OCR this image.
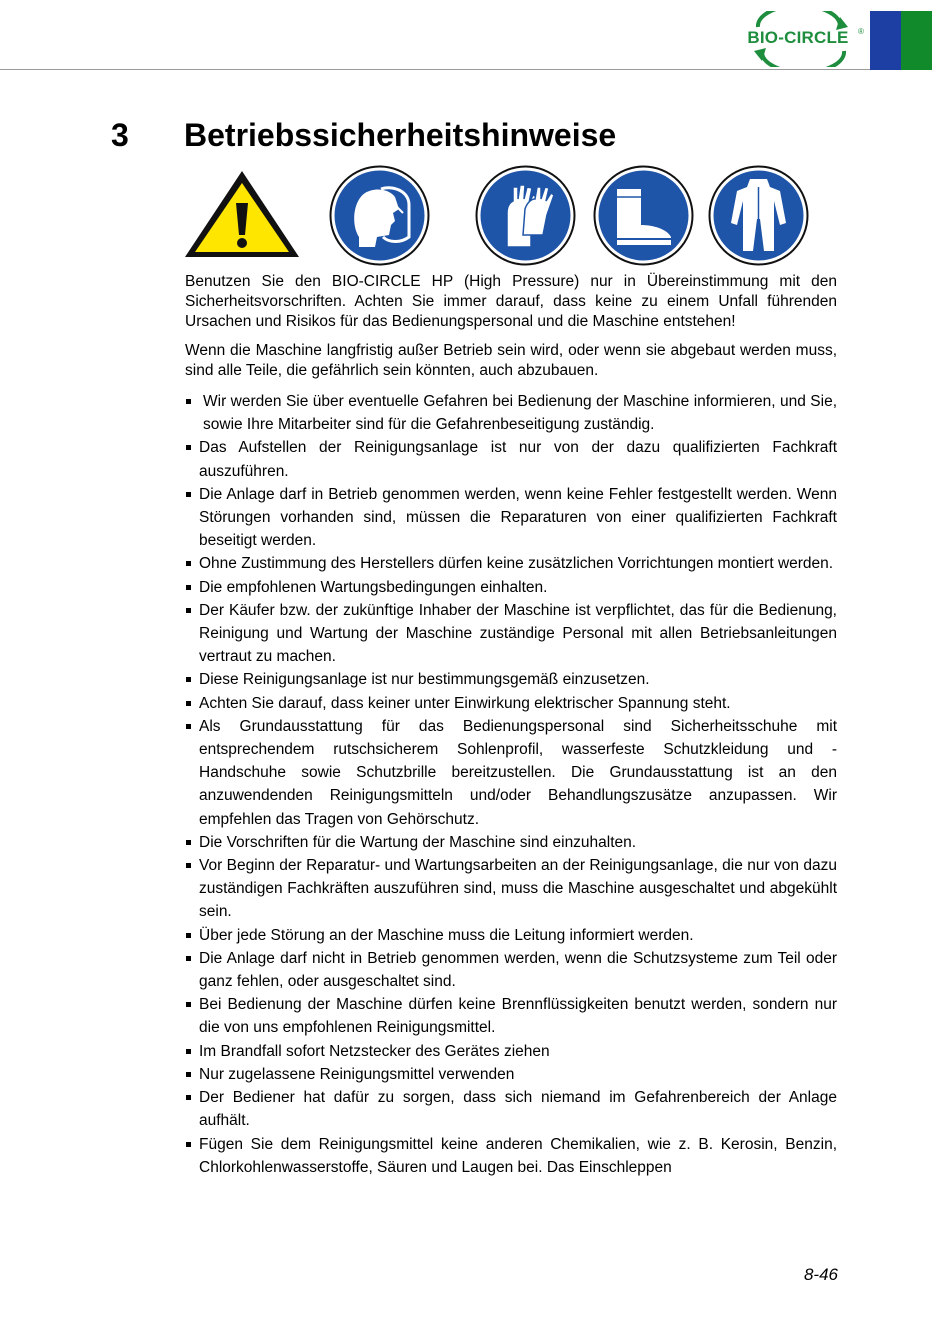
BIO-CIRCLE	®
3 Betriebssicherheitshinweise

Benutzen Sie den BIO-CIRCLE HP (High Pressure) nur in Übereinstimmung mit den Sicherheitsvorschriften. Achten Sie immer darauf, dass keine zu einem Unfall führenden Ursachen und Risikos für das Bedienungspersonal und die Maschine entstehen!

Wenn die Maschine langfristig außer Betrieb sein wird, oder wenn sie abgebaut werden muss, sind alle Teile, die gefährlich sein könnten, auch abzubauen.

Wir werden Sie über eventuelle Gefahren bei Bedienung der Maschine informieren, und Sie, sowie Ihre Mitarbeiter sind für die Gefahrenbeseitigung zuständig.
Das Aufstellen der Reinigungsanlage ist nur von der dazu qualifizierten Fachkraft auszuführen.
Die Anlage darf in Betrieb genommen werden, wenn keine Fehler festgestellt werden. Wenn Störungen vorhanden sind, müssen die Reparaturen von einer qualifizierten Fachkraft beseitigt werden.
Ohne Zustimmung des Herstellers dürfen keine zusätzlichen Vorrichtungen montiert werden.
Die empfohlenen Wartungsbedingungen einhalten.
Der Käufer bzw. der zukünftige Inhaber der Maschine ist verpflichtet, das für die Bedienung, Reinigung und Wartung der Maschine zuständige Personal mit allen Betriebsanleitungen vertraut zu machen.
Diese Reinigungsanlage ist nur bestimmungsgemäß einzusetzen.
Achten Sie darauf, dass keiner unter Einwirkung elektrischer Spannung steht.
Als Grundausstattung für das Bedienungspersonal sind Sicherheitsschuhe mit entsprechendem rutschsicherem Sohlenprofil, wasserfeste Schutzkleidung und -Handschuhe sowie Schutzbrille bereitzustellen. Die Grundausstattung ist an den anzuwendenden Reinigungsmitteln und/oder Behandlungszusätze anzupassen. Wir empfehlen das Tragen von Gehörschutz.
Die Vorschriften für die Wartung der Maschine sind einzuhalten.
Vor Beginn der Reparatur- und Wartungsarbeiten an der Reinigungsanlage, die nur von dazu zuständigen Fachkräften auszuführen sind, muss die Maschine ausgeschaltet und abgekühlt sein.
Über jede Störung an der Maschine muss die Leitung informiert werden.
Die Anlage darf nicht in Betrieb genommen werden, wenn die Schutzsysteme zum Teil oder ganz fehlen, oder ausgeschaltet sind.
Bei Bedienung der Maschine dürfen keine Brennflüssigkeiten benutzt werden, sondern nur die von uns empfohlenen Reinigungsmittel.
Im Brandfall sofort Netzstecker des Gerätes ziehen
Nur zugelassene Reinigungsmittel verwenden
Der Bediener hat dafür zu sorgen, dass sich niemand im Gefahrenbereich der Anlage aufhält.
Fügen Sie dem Reinigungsmittel keine anderen Chemikalien, wie z. B. Kerosin, Benzin, Chlorkohlenwasserstoffe, Säuren und Laugen bei. Das Einschleppen
8-46
